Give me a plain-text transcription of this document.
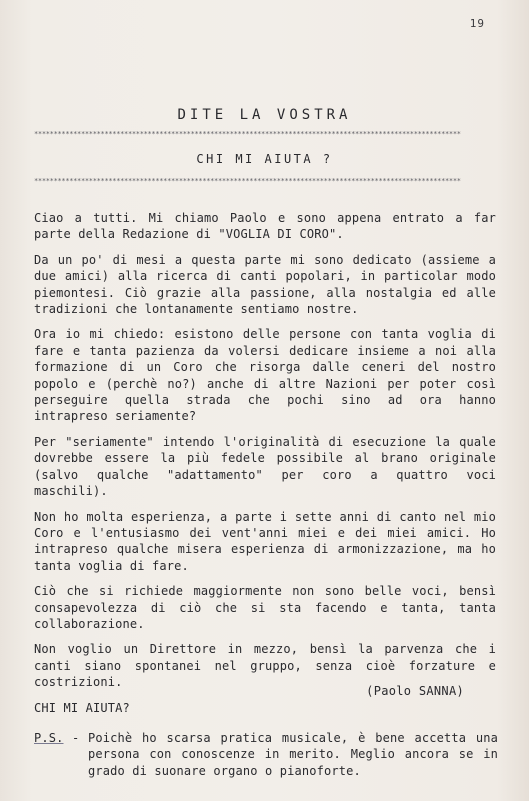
19
DITE LA VOSTRA
*************************************************************************************************************
CHI MI AIUTA ?
*************************************************************************************************************

Ciao a tutti. Mi chiamo Paolo e sono appena entrato a far parte della Redazione di "VOGLIA DI CORO".

Da un po' di mesi a questa parte mi sono dedicato (assieme a due amici) alla ricerca di canti popolari, in particolar modo piemontesi. Ciò grazie alla passione, alla nostalgia ed alle tradizioni che lontanamente sentiamo nostre.

Ora io mi chiedo: esistono delle persone con tanta voglia di fare e tanta pazienza da volersi dedicare insieme a noi alla formazione di un Coro che risorga dalle ceneri del nostro popolo e (perchè no?) anche di altre Nazioni per poter così perseguire quella strada che pochi sino ad ora hanno intrapreso seriamente?

Per "seriamente" intendo l'originalità di esecuzione la quale dovrebbe essere la più fedele possibile al brano originale (salvo qualche "adattamento" per coro a quattro voci maschili).

Non ho molta esperienza, a parte i sette anni di canto nel mio Coro e l'entusiasmo dei vent'anni miei e dei miei amici. Ho intrapreso qualche misera esperienza di armonizzazione, ma ho tanta voglia di fare.

Ciò che si richiede maggiormente non sono belle voci, bensì consapevolezza di ciò che si sta facendo e tanta, tanta collaborazione.

Non voglio un Direttore in mezzo, bensì la parvenza che i canti siano spontanei nel gruppo, senza cioè forzature e costrizioni.

CHI MI AIUTA?

(Paolo SANNA)
P.S. - Poichè ho scarsa pratica musicale, è bene accetta una persona con conoscenze in merito. Meglio ancora se in grado di suonare organo o pianoforte.
